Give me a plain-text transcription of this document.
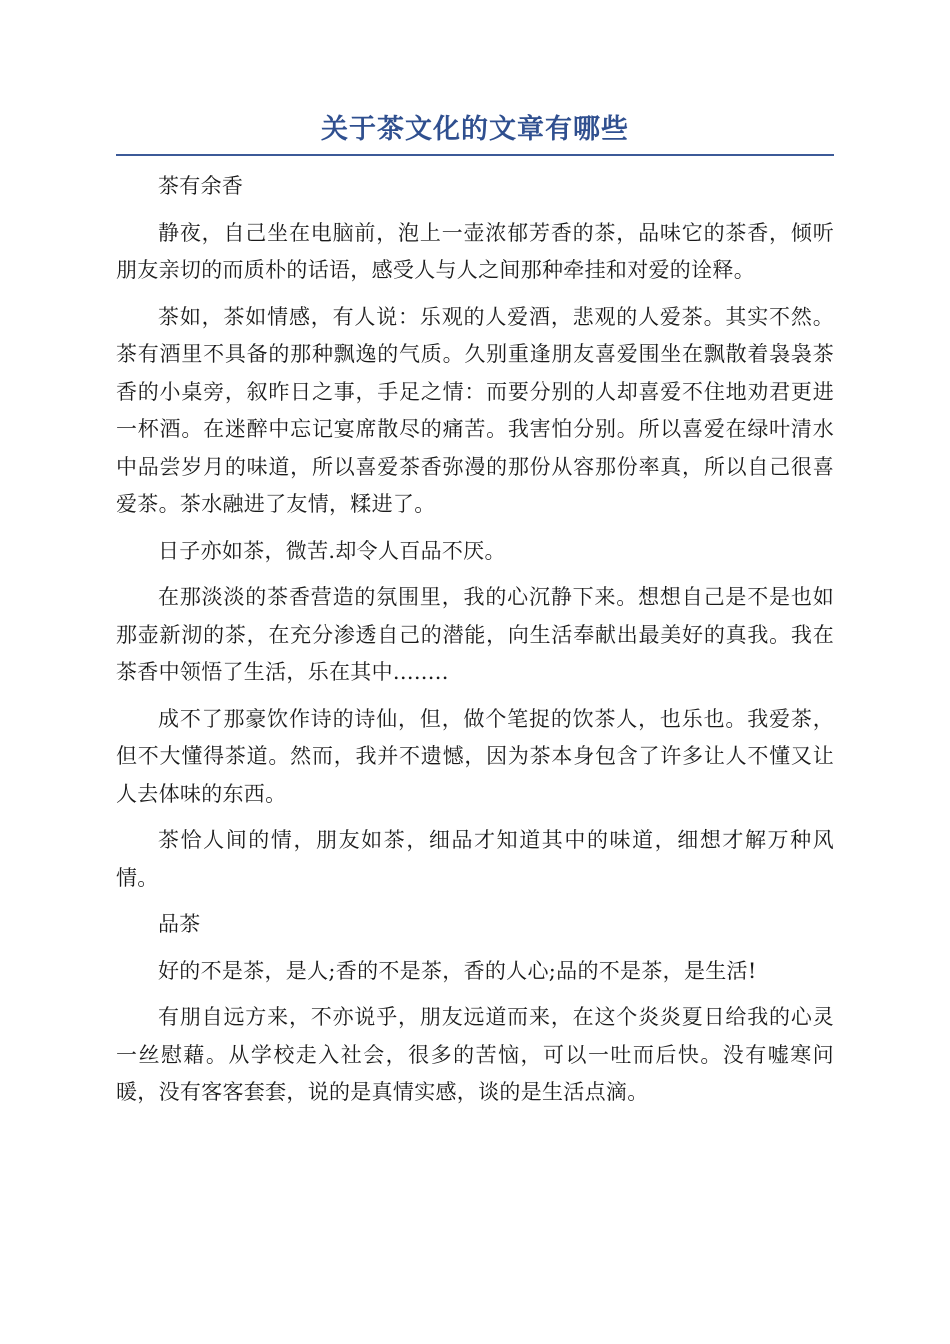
关于茶文化的文章有哪些

茶有余香

静夜，自己坐在电脑前，泡上一壶浓郁芳香的茶，品味它的茶香，倾听朋友亲切的而质朴的话语，感受人与人之间那种牵挂和对爱的诠释。

茶如，茶如情感，有人说：乐观的人爱酒，悲观的人爱茶。其实不然。茶有酒里不具备的那种飘逸的气质。久别重逢朋友喜爱围坐在飘散着袅袅茶香的小桌旁，叙昨日之事，手足之情：而要分别的人却喜爱不住地劝君更进一杯酒。在迷醉中忘记宴席散尽的痛苦。我害怕分别。所以喜爱在绿叶清水中品尝岁月的味道，所以喜爱茶香弥漫的那份从容那份率真，所以自己很喜爱茶。茶水融进了友情，糅进了。

日子亦如茶，微苦.却令人百品不厌。

在那淡淡的茶香营造的氛围里，我的心沉静下来。想想自己是不是也如那壶新沏的茶，在充分渗透自己的潜能，向生活奉献出最美好的真我。我在茶香中领悟了生活，乐在其中........

成不了那豪饮作诗的诗仙，但，做个笔捉的饮茶人，也乐也。我爱茶，但不大懂得茶道。然而，我并不遗憾，因为茶本身包含了许多让人不懂又让人去体味的东西。

茶恰人间的情，朋友如茶，细品才知道其中的味道，细想才解万种风情。

品茶

好的不是茶，是人;香的不是茶，香的人心;品的不是茶，是生活!

有朋自远方来，不亦说乎，朋友远道而来，在这个炎炎夏日给我的心灵一丝慰藉。从学校走入社会，很多的苦恼，可以一吐而后快。没有嘘寒问暖，没有客客套套，说的是真情实感，谈的是生活点滴。
